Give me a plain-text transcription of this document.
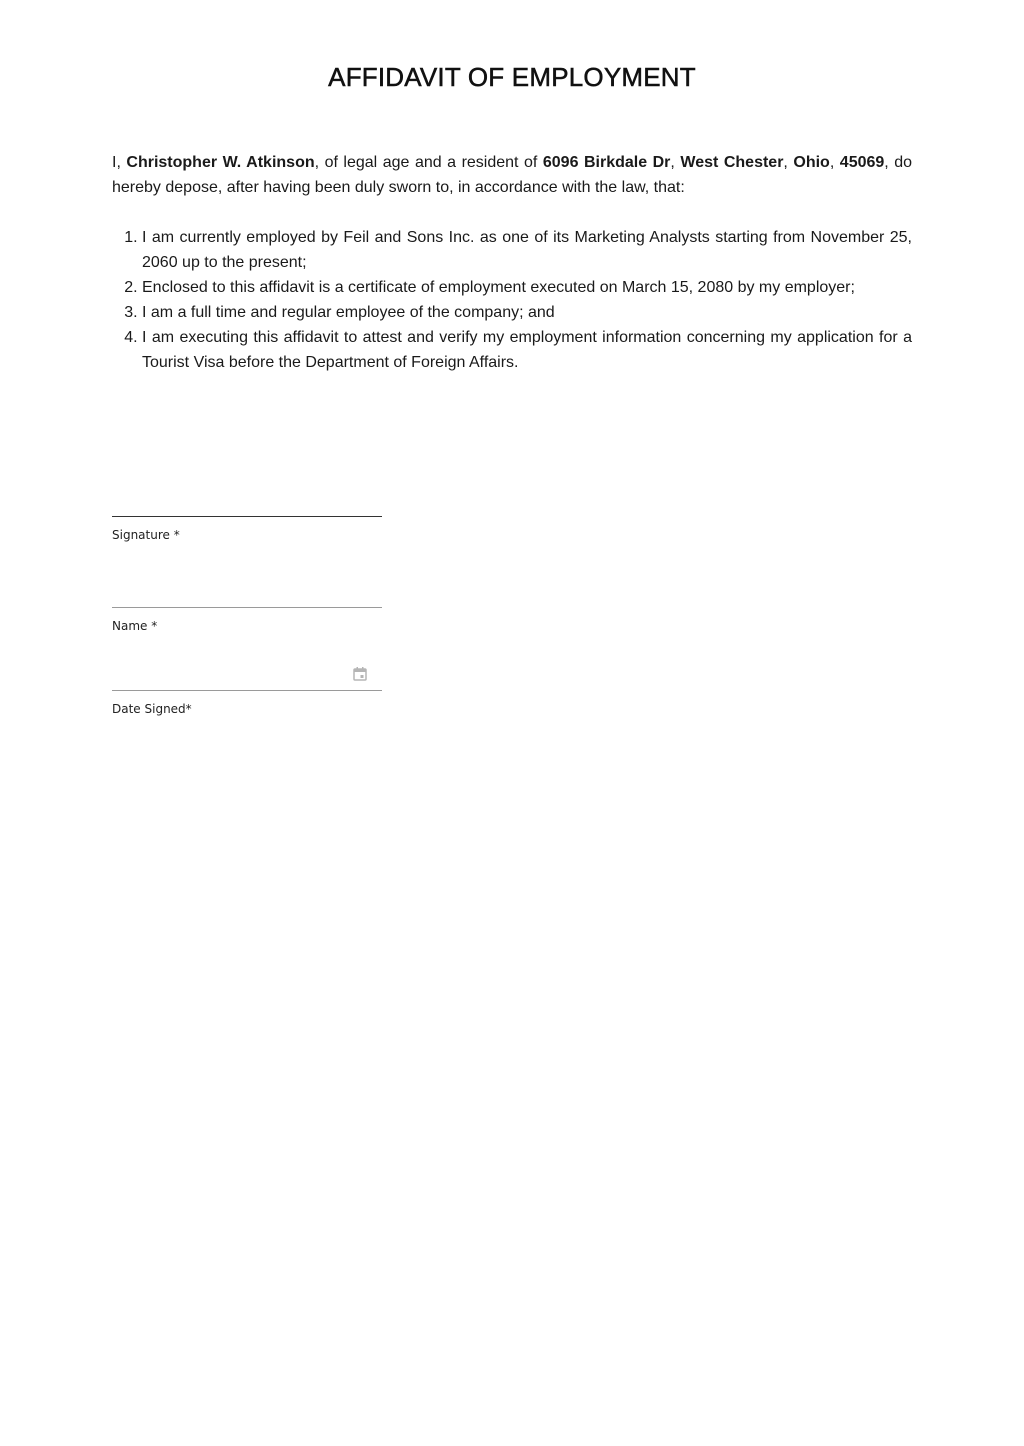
AFFIDAVIT OF EMPLOYMENT

I, Christopher W. Atkinson, of legal age and a resident of 6096 Birkdale Dr, West Chester, Ohio, 45069, do hereby depose, after having been duly sworn to, in accordance with the law, that:

1. I am currently employed by Feil and Sons Inc. as one of its Marketing Analysts starting from November 25, 2060 up to the present;
2. Enclosed to this affidavit is a certificate of employment executed on March 15, 2080 by my employer;
3. I am a full time and regular employee of the company; and
4. I am executing this affidavit to attest and verify my employment information concerning my application for a Tourist Visa before the Department of Foreign Affairs.
Signature *
Name *
Date Signed*
